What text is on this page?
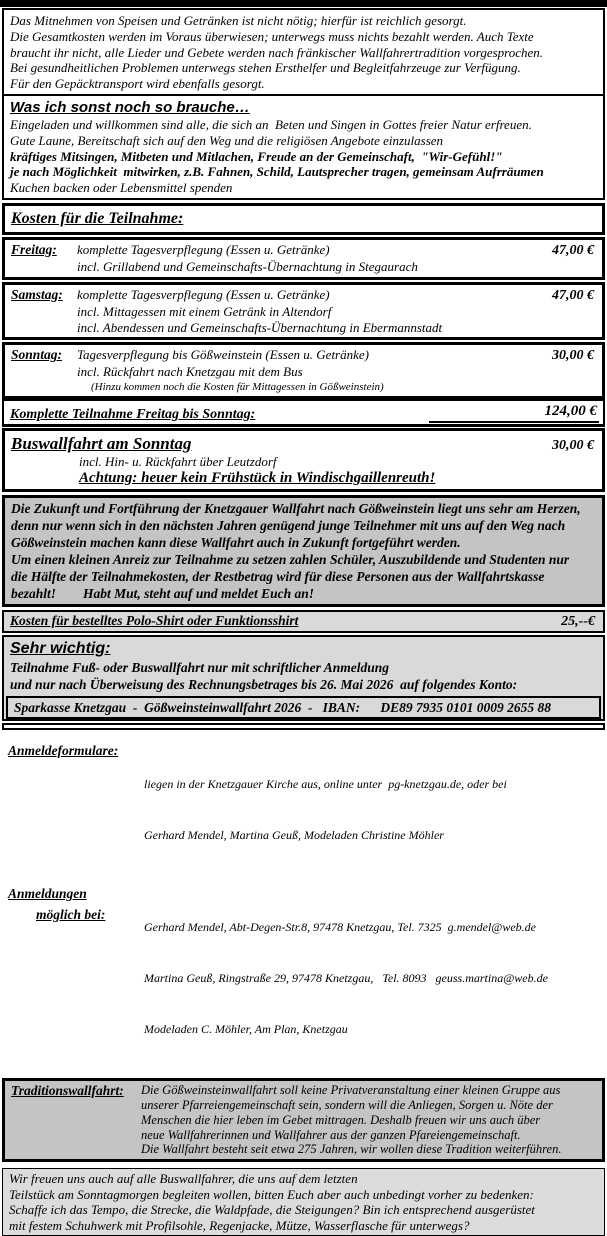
Das Mitnehmen von Speisen und Getränken ist nicht nötig; hierfür ist reichlich gesorgt.
Die Gesamtkosten werden im Voraus überwiesen; unterwegs muss nichts bezahlt werden. Auch Texte
braucht ihr nicht, alle Lieder und Gebete werden nach fränkischer Wallfahrertradition vorgesprochen.
Bei gesundheitlichen Problemen unterwegs stehen Ersthelfer und Begleitfahrzeuge zur Verfügung.
Für den Gepäcktransport wird ebenfalls gesorgt.
Was ich sonst noch so brauche…
Eingeladen und willkommen sind alle, die sich an  Beten und Singen in Gottes freier Natur erfreuen.
Gute Laune, Bereitschaft sich auf den Weg und die religiösen Angebote einzulassen
kräftiges Mitsingen, Mitbeten und Mitlachen, Freude an der Gemeinschaft,  "Wir-Gefühl!"
je nach Möglichkeit  mitwirken, z.B. Fahnen, Schild, Lautsprecher tragen, gemeinsam Aufrräumen
Kuchen backen oder Lebensmittel spenden
Kosten für die Teilnahme:
Freitag:	komplette Tagesverpflegung (Essen u. Getränke)	47,00 €
incl. Grillabend und Gemeinschafts-Übernachtung in Stegaurach
Samstag:	komplette Tagesverpflegung (Essen u. Getränke)	47,00 €
incl. Mittagessen mit einem Getränk in Altendorf
incl. Abendessen und Gemeinschafts-Übernachtung in Ebermannstadt
Sonntag:	Tagesverpflegung bis Gößweinstein (Essen u. Getränke)	30,00 €
incl. Rückfahrt nach Knetzgau mit dem Bus
(Hinzu kommen noch die Kosten für Mittagessen in Gößweinstein)
Komplette Teilnahme Freitag bis Sonntag:	124,00 €
Buswallfahrt am Sonntag	30,00 €
incl. Hin- u. Rückfahrt über Leutzdorf
Achtung: heuer kein Frühstück in Windischgaillenreuth!
Die Zukunft und Fortführung der Knetzgauer Wallfahrt nach Gößweinstein liegt uns sehr am Herzen,
denn nur wenn sich in den nächsten Jahren genügend junge Teilnehmer mit uns auf den Weg nach
Gößweinstein machen kann diese Wallfahrt auch in Zukunft fortgeführt werden.
Um einen kleinen Anreiz zur Teilnahme zu setzen zahlen Schüler, Auszubildende und Studenten nur
die Hälfte der Teilnahmekosten, der Restbetrag wird für diese Personen aus der Wallfahrtskasse
bezahlt!        Habt Mut, steht auf und meldet Euch an!
Kosten für bestelltes Polo-Shirt oder Funktionsshirt	25,--€
Sehr wichtig:
Teilnahme Fuß- oder Buswallfahrt nur mit schriftlicher Anmeldung
und nur nach Überweisung des Rechnungsbetrages bis 26. Mai 2026  auf folgendes Konto:
Sparkasse Knetzgau  -  Gößweinsteinwallfahrt 2026  -   IBAN:      DE89 7935 0101 0009 2655 88
Anmeldeformulare:

liegen in der Knetzgauer Kirche aus, online unter  pg-knetzgau.de, oder bei

Gerhard Mendel, Martina Geuß, Modeladen Christine Möhler

Anmeldungen
möglich bei:

Gerhard Mendel, Abt-Degen-Str.8, 97478 Knetzgau, Tel. 7325  g.mendel@web.de

Martina Geuß, Ringstraße 29, 97478 Knetzgau,   Tel. 8093   geuss.martina@web.de

Modeladen C. Möhler, Am Plan, Knetzgau

Traditionswallfahrt:	Die Gößweinsteinwallfahrt soll keine Privatveranstaltung einer kleinen Gruppe aus
unserer Pfarreiengemeinschaft sein, sondern will die Anliegen, Sorgen u. Nöte der
Menschen die hier leben im Gebet mittragen. Deshalb freuen wir uns auch über
neue Wallfahrerinnen und Wallfahrer aus der ganzen Pfareiengemeinschaft.
Die Wallfahrt besteht seit etwa 275 Jahren, wir wollen diese Tradition weiterführen.
Wir freuen uns auch auf alle Buswallfahrer, die uns auf dem letzten
Teilstück am Sonntagmorgen begleiten wollen, bitten Euch aber auch unbedingt vorher zu bedenken:
Schaffe ich das Tempo, die Strecke, die Waldpfade, die Steigungen? Bin ich entsprechend ausgerüstet
mit festem Schuhwerk mit Profilsohle, Regenjacke, Mütze, Wasserflasche für unterwegs?
